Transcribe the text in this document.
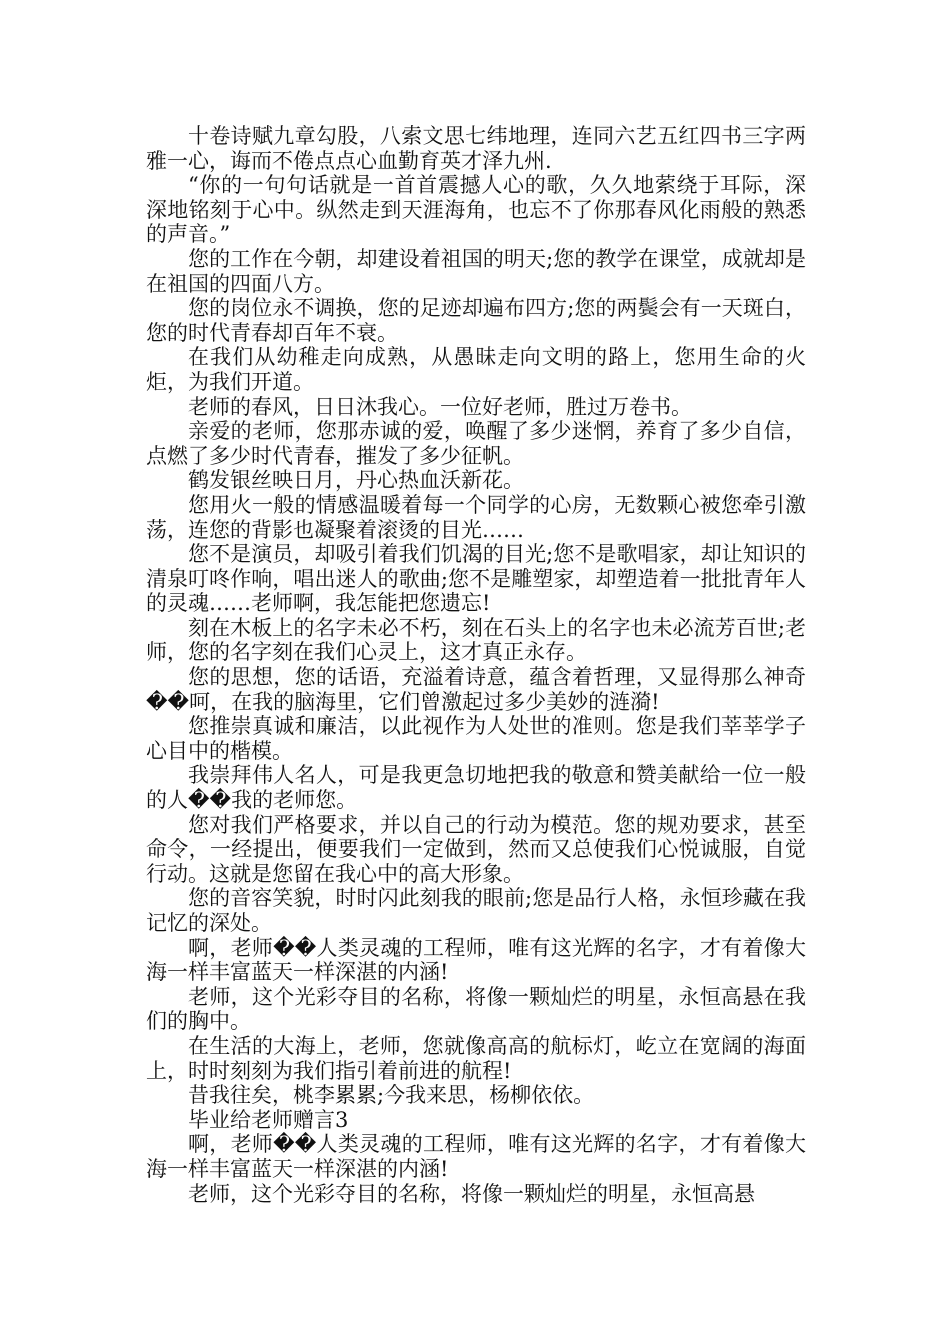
十卷诗赋九章勾股，八索文思七纬地理，连同六艺五红四书三字两雅一心，诲而不倦点点心血勤育英才泽九州.

“你的一句句话就是一首首震撼人心的歌，久久地萦绕于耳际，深深地铭刻于心中。纵然走到天涯海角，也忘不了你那春风化雨般的熟悉的声音。”

您的工作在今朝，却建设着祖国的明天;您的教学在课堂，成就却是在祖国的四面八方。

您的岗位永不调换，您的足迹却遍布四方;您的两鬓会有一天斑白，您的时代青春却百年不衰。

在我们从幼稚走向成熟，从愚昧走向文明的路上，您用生命的火炬，为我们开道。

老师的春风，日日沐我心。一位好老师，胜过万卷书。

亲爱的老师，您那赤诚的爱，唤醒了多少迷惘，养育了多少自信，点燃了多少时代青春，摧发了多少征帆。

鹤发银丝映日月，丹心热血沃新花。

您用火一般的情感温暖着每一个同学的心房，无数颗心被您牵引激荡，连您的背影也凝聚着滚烫的目光……

您不是演员，却吸引着我们饥渴的目光;您不是歌唱家，却让知识的清泉叮咚作响，唱出迷人的歌曲;您不是雕塑家，却塑造着一批批青年人的灵魂……老师啊，我怎能把您遗忘!

刻在木板上的名字未必不朽，刻在石头上的名字也未必流芳百世;老师，您的名字刻在我们心灵上，这才真正永存。

您的思想，您的话语，充溢着诗意，蕴含着哲理，又显得那么神奇��呵，在我的脑海里，它们曾激起过多少美妙的涟漪!

您推崇真诚和廉洁，以此视作为人处世的准则。您是我们莘莘学子心目中的楷模。

我崇拜伟人名人，可是我更急切地把我的敬意和赞美献给一位一般的人��我的老师您。

您对我们严格要求，并以自己的行动为模范。您的规劝要求，甚至命令，一经提出，便要我们一定做到，然而又总使我们心悦诚服，自觉行动。这就是您留在我心中的高大形象。

您的音容笑貌，时时闪此刻我的眼前;您是品行人格，永恒珍藏在我记忆的深处。

啊，老师��人类灵魂的工程师，唯有这光辉的名字，才有着像大海一样丰富蓝天一样深湛的内涵!

老师，这个光彩夺目的名称，将像一颗灿烂的明星，永恒高悬在我们的胸中。

在生活的大海上，老师，您就像高高的航标灯，屹立在宽阔的海面上，时时刻刻为我们指引着前进的航程!

昔我往矣，桃李累累;今我来思，杨柳依依。

毕业给老师赠言3

啊，老师��人类灵魂的工程师，唯有这光辉的名字，才有着像大海一样丰富蓝天一样深湛的内涵!

老师，这个光彩夺目的名称，将像一颗灿烂的明星，永恒高悬
